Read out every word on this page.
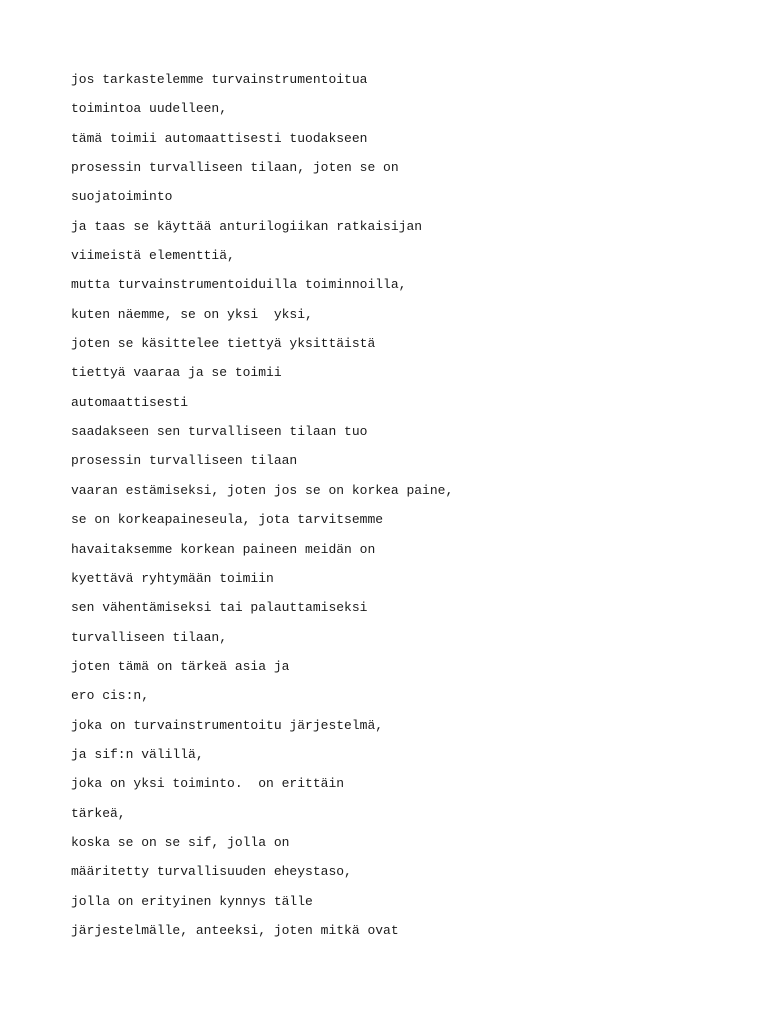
jos tarkastelemme turvainstrumentoitua
toimintoa uudelleen,
tämä toimii automaattisesti tuodakseen
prosessin turvalliseen tilaan, joten se on
suojatoiminto
ja taas se käyttää anturilogiikan ratkaisijan
viimeistä elementtiä,
mutta turvainstrumentoiduilla toiminnoilla,
kuten näemme, se on yksi  yksi,
joten se käsittelee tiettyä yksittäistä
tiettyä vaaraa ja se toimii
automaattisesti
saadakseen sen turvalliseen tilaan tuo
prosessin turvalliseen tilaan
vaaran estämiseksi, joten jos se on korkea paine,
se on korkeapaineseula, jota tarvitsemme
havaitaksemme korkean paineen meidän on
kyettävä ryhtymään toimiin
sen vähentämiseksi tai palauttamiseksi
turvalliseen tilaan,
joten tämä on tärkeä asia ja
ero cis:n,
joka on turvainstrumentoitu järjestelmä,
ja sif:n välillä,
joka on yksi toiminto.  on erittäin
tärkeä,
koska se on se sif, jolla on
määritetty turvallisuuden eheystaso,
jolla on erityinen kynnys tälle
järjestelmälle, anteeksi, joten mitkä ovat
